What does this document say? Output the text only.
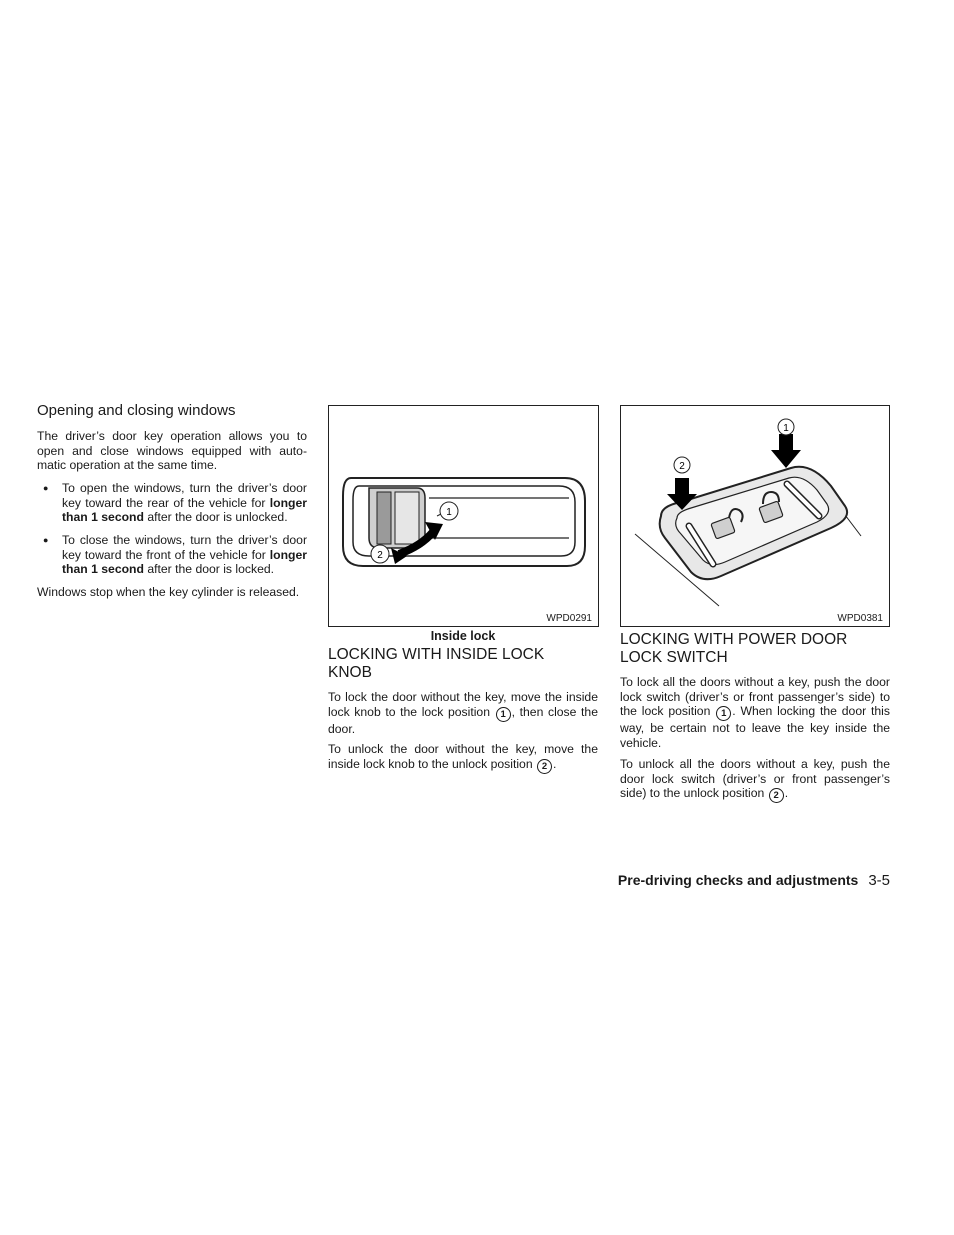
Opening and closing windows

The driver’s door key operation allows you to open and close windows equipped with auto-matic operation at the same time.

● To open the windows, turn the driver’s door key toward the rear of the vehicle for longer than 1 second after the door is unlocked.
● To close the windows, turn the driver’s door key toward the front of the vehicle for longer than 1 second after the door is locked.

Windows stop when the key cylinder is released.

1
2
WPD0291
Inside lock
LOCKING WITH INSIDE LOCK
KNOB

To lock the door without the key, move the inside lock knob to the lock position 1 , then close the door.

To unlock the door without the key, move the inside lock knob to the unlock position 2 .

1
2
WPD0381
LOCKING WITH POWER DOOR
LOCK SWITCH

To lock all the doors without a key, push the door lock switch (driver’s or front passenger’s side) to the lock position 1 . When locking the door this way, be certain not to leave the key inside the vehicle.

To unlock all the doors without a key, push the door lock switch (driver’s or front passenger’s side) to the unlock position 2 .

Pre-driving checks and adjustments 3-5
